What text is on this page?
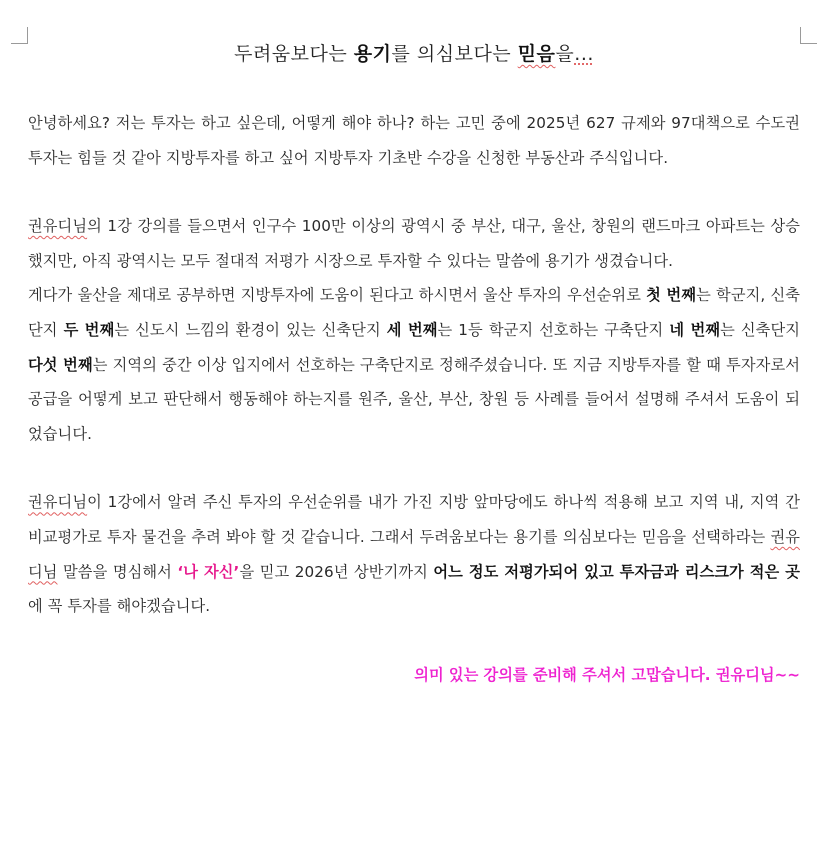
두려움보다는 용기를 의심보다는 믿음을...

안녕하세요? 저는 투자는 하고 싶은데, 어떻게 해야 하나? 하는 고민 중에 2025년 627 규제와 97대책으로 수도권 투자는 힘들 것 같아 지방투자를 하고 싶어 지방투자 기초반 수강을 신청한 부동산과 주식입니다.

권유디님의 1강 강의를 들으면서 인구수 100만 이상의 광역시 중 부산, 대구, 울산, 창원의 랜드마크 아파트는 상승했지만, 아직 광역시는 모두 절대적 저평가 시장으로 투자할 수 있다는 말씀에 용기가 생겼습니다.

게다가 울산을 제대로 공부하면 지방투자에 도움이 된다고 하시면서 울산 투자의 우선순위로 첫 번째는 학군지, 신축단지 두 번째는 신도시 느낌의 환경이 있는 신축단지 세 번째는 1등 학군지 선호하는 구축단지 네 번째는 신축단지 다섯 번째는 지역의 중간 이상 입지에서 선호하는 구축단지로 정해주셨습니다. 또 지금 지방투자를 할 때 투자자로서 공급을 어떻게 보고 판단해서 행동해야 하는지를 원주, 울산, 부산, 창원 등 사례를 들어서 설명해 주셔서 도움이 되었습니다.

권유디님이 1강에서 알려 주신 투자의 우선순위를 내가 가진 지방 앞마당에도 하나씩 적용해 보고 지역 내, 지역 간 비교평가로 투자 물건을 추려 봐야 할 것 같습니다. 그래서 두려움보다는 용기를 의심보다는 믿음을 선택하라는 권유디님 말씀을 명심해서 ‘나 자신’을 믿고 2026년 상반기까지 어느 정도 저평가되어 있고 투자금과 리스크가 적은 곳에 꼭 투자를 해야겠습니다.

의미 있는 강의를 준비해 주셔서 고맙습니다. 권유디님~~
